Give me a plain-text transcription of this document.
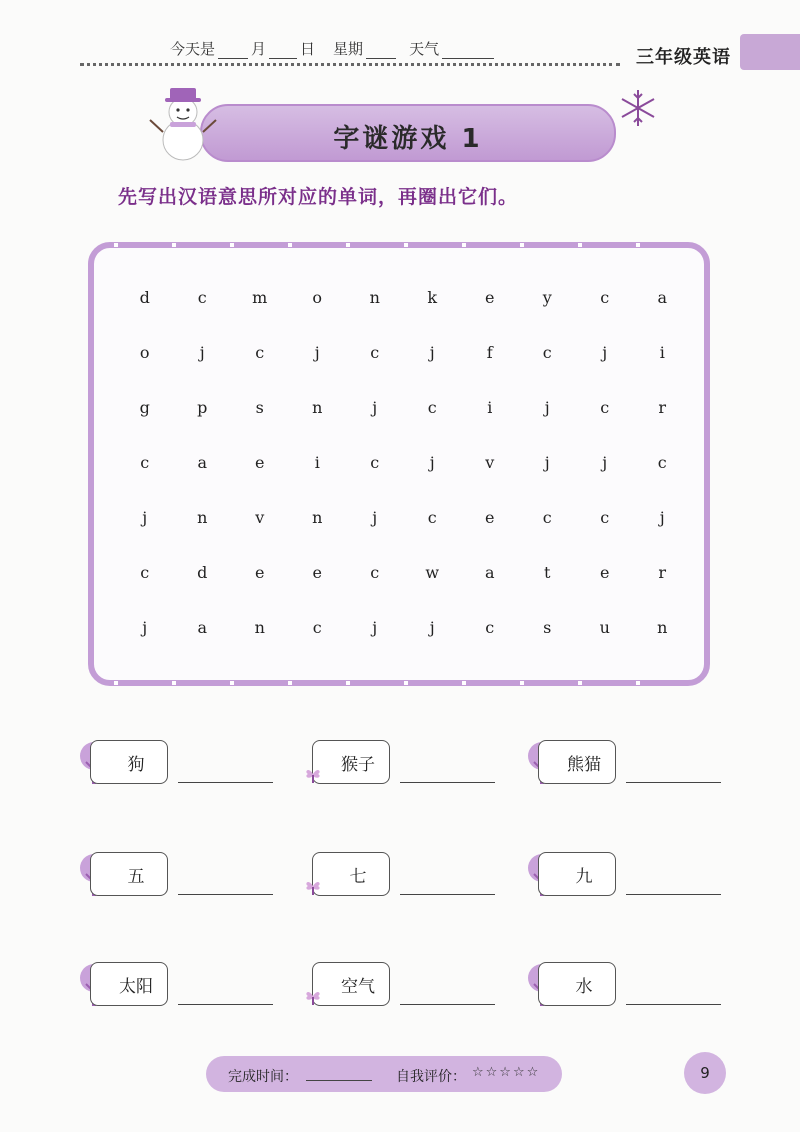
今天是 月 日 星期	天气	三年级英语
字谜游戏 1
先写出汉语意思所对应的单词，再圈出它们。
d	c	m	o	n	k	e	y	c	a
o	j	c	j	c	j	f	c	j	i
g	p	s	n	j	c	i	j	c	r
c	a	e	i	c	j	v	j	j	c
j	n	v	n	j	c	e	c	c	j
c	d	e	e	c	w	a	t	e	r
j	a	n	c	j	j	c	s	u	n
狗	猴子	熊猫
五	七	九
太阳	空气	水
完成时间：	自我评价： ☆☆☆☆☆	9
